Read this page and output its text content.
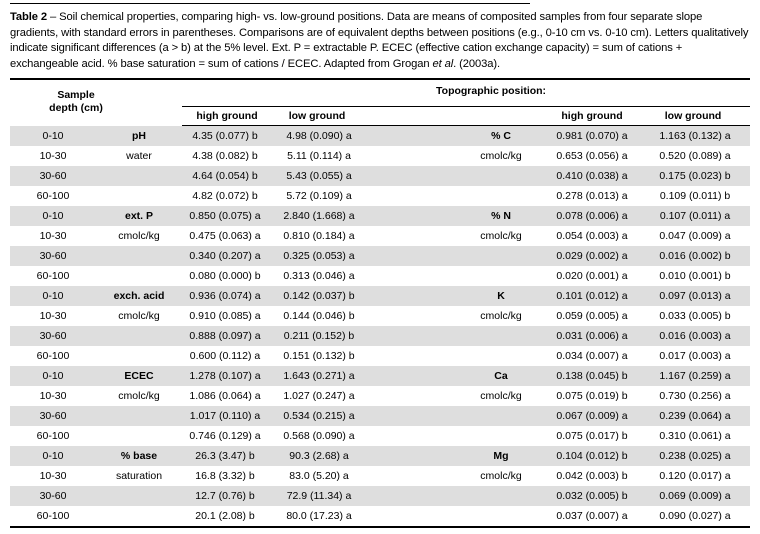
Table 2 – Soil chemical properties, comparing high- vs. low-ground positions. Data are means of composited samples from four separate slope gradients, with standard errors in parentheses. Comparisons are of equivalent depths between positions (e.g., 0-10 cm vs. 0-10 cm). Letters qualitatively indicate significant differences (a > b) at the 5% level. Ext. P = extractable P. ECEC (effective cation exchange capacity) = sum of cations + exchangeable acid. % base saturation = sum of cations / ECEC. Adapted from Grogan et al. (2003a).
Sample
depth (cm)				Topographic position:			
		high ground	low ground			high ground	low ground
0-10	pH	4.35 (0.077) b	4.98 (0.090) a		% C	0.981 (0.070) a	1.163 (0.132) a
10-30	water	4.38 (0.082) b	5.11 (0.114) a		cmolc/kg	0.653 (0.056) a	0.520 (0.089) a
30-60		4.64 (0.054) b	5.43 (0.055) a			0.410 (0.038) a	0.175 (0.023) b
60-100		4.82 (0.072) b	5.72 (0.109) a			0.278 (0.013) a	0.109 (0.011) b
0-10	ext. P	0.850 (0.075) a	2.840 (1.668) a		% N	0.078 (0.006) a	0.107 (0.011) a
10-30	cmolc/kg	0.475 (0.063) a	0.810 (0.184) a		cmolc/kg	0.054 (0.003) a	0.047 (0.009) a
30-60		0.340 (0.207) a	0.325 (0.053) a			0.029 (0.002) a	0.016 (0.002) b
60-100		0.080 (0.000) b	0.313 (0.046) a			0.020 (0.001) a	0.010 (0.001) b
0-10	exch. acid	0.936 (0.074) a	0.142 (0.037) b		K	0.101 (0.012) a	0.097 (0.013) a
10-30	cmolc/kg	0.910 (0.085) a	0.144 (0.046) b		cmolc/kg	0.059 (0.005) a	0.033 (0.005) b
30-60		0.888 (0.097) a	0.211 (0.152) b			0.031 (0.006) a	0.016 (0.003) a
60-100		0.600 (0.112) a	0.151 (0.132) b			0.034 (0.007) a	0.017 (0.003) a
0-10	ECEC	1.278 (0.107) a	1.643 (0.271) a		Ca	0.138 (0.045) b	1.167 (0.259) a
10-30	cmolc/kg	1.086 (0.064) a	1.027 (0.247) a		cmolc/kg	0.075 (0.019) b	0.730 (0.256) a
30-60		1.017 (0.110) a	0.534 (0.215) a			0.067 (0.009) a	0.239 (0.064) a
60-100		0.746 (0.129) a	0.568 (0.090) a			0.075 (0.017) b	0.310 (0.061) a
0-10	% base	26.3 (3.47) b	90.3 (2.68) a		Mg	0.104 (0.012) b	0.238 (0.025) a
10-30	saturation	16.8 (3.32) b	83.0 (5.20) a		cmolc/kg	0.042 (0.003) b	0.120 (0.017) a
30-60		12.7 (0.76) b	72.9 (11.34) a			0.032 (0.005) b	0.069 (0.009) a
60-100		20.1 (2.08) b	80.0 (17.23) a			0.037 (0.007) a	0.090 (0.027) a
